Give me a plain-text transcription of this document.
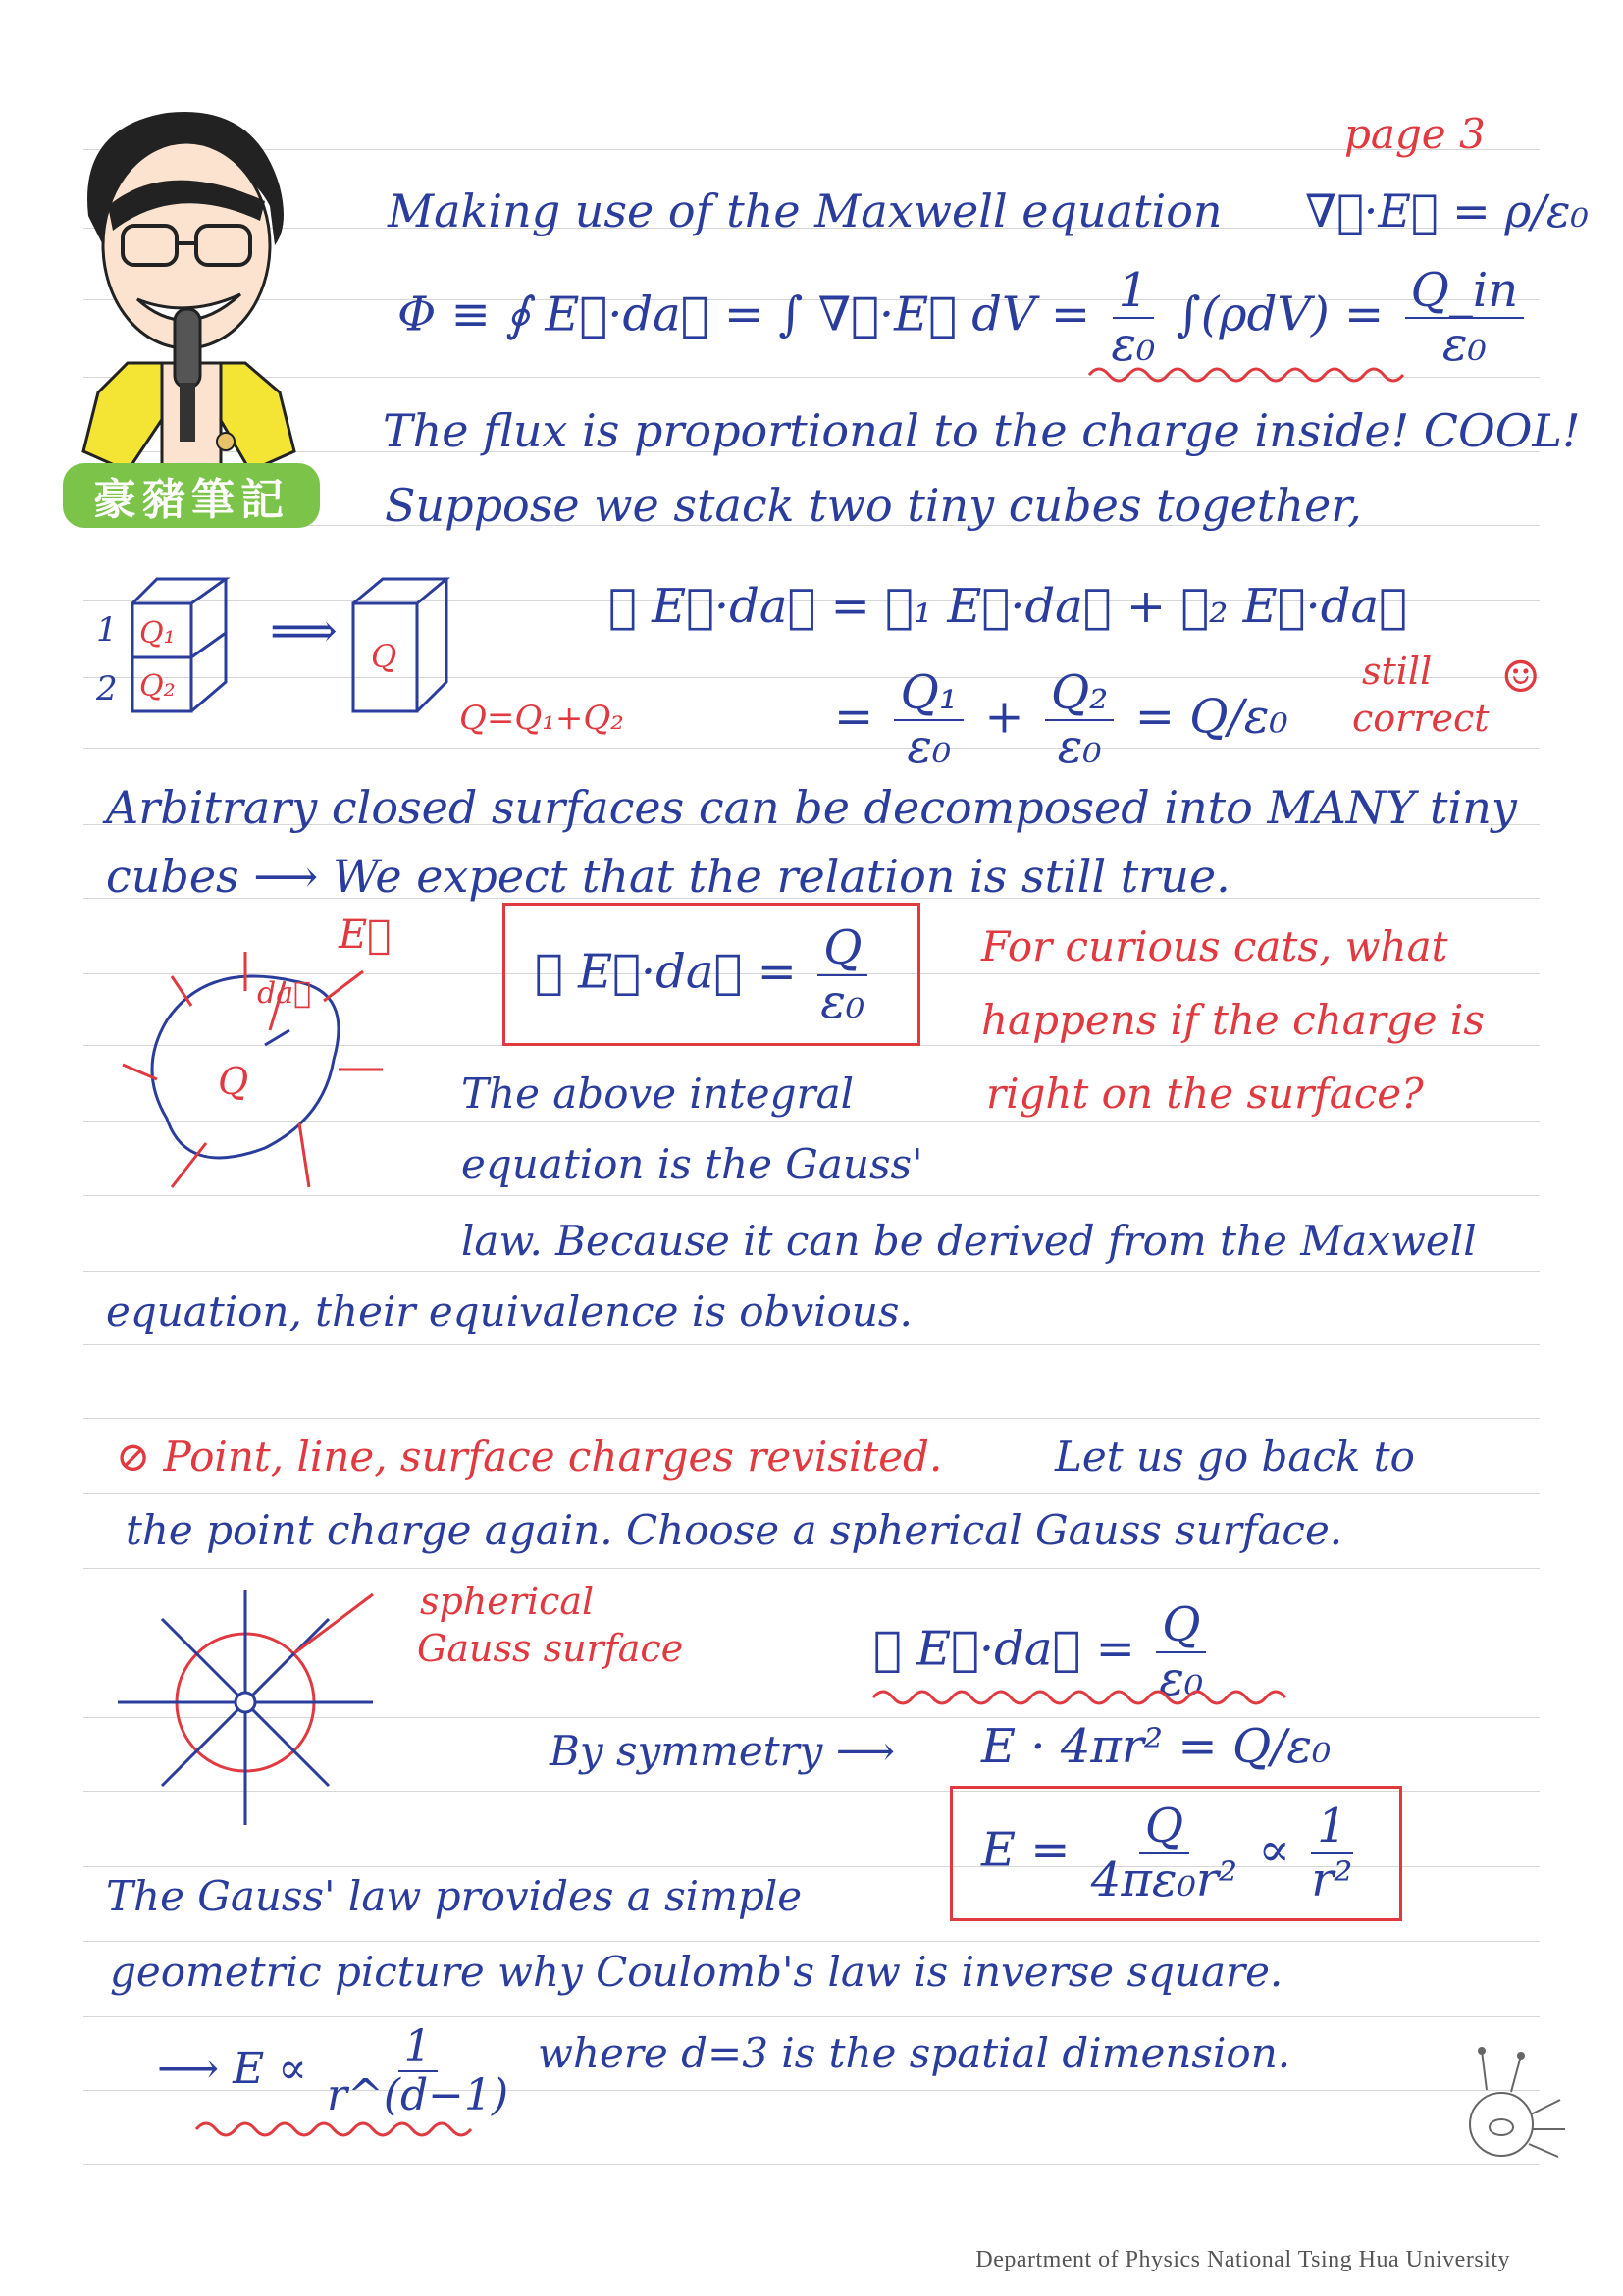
豪豬筆記
page 3
Making use of the Maxwell equation ∇⃗·E⃗ = ρ/ε₀
Φ ≡ ∮ E⃗·da⃗ = ∫ ∇⃗·E⃗ dV = $\frac{1}{\text{ε₀}} \int(\rho dV) = \frac{Q\_in}{\text{ε₀}}$
The flux is proportional to the charge inside! COOL!
Suppose we stack two tiny cubes together,
Q₁
Q₂
Q
1
2
⟹
Q=Q₁+Q₂
∮ E⃗·da⃗ = ∮₁ E⃗·da⃗ + ∮₂ E⃗·da⃗
= $\frac{\text{Q₁}}{\text{ε₀}} + \frac{\text{Q₂}}{\text{ε₀}} = Q/\varepsilon_0$
still
correct
☺
Arbitrary closed surfaces can be decomposed into MANY tiny
cubes ⟶ We expect that the relation is still true.
∮ E⃗·da⃗ = $\frac{Q}{\text{ε₀}}$	For curious cats, what
happens if the charge is
right on the surface?
The above integral
equation is the Gauss'
law. Because it can be derived from the Maxwell
equation, their equivalence is obvious.
E⃗
da⃗
Q
⊘ Point, line, surface charges revisited.	Let us go back to
the point charge again. Choose a spherical Gauss surface.
spherical
Gauss surface	∮ E⃗·da⃗ = $\frac{Q}{\text{ε₀}}$
By symmetry ⟶ E · 4πr² = Q/ε₀
$E = \frac{Q}{\text{4πε₀r²}} \propto \frac{1}{\text{r²}}$
The Gauss' law provides a simple
geometric picture why Coulomb's law is inverse square.
⟶ $E \propto \frac{1}{r\^{}(d-1)}$ where d=3 is the spatial dimension.
Department of Physics National Tsing Hua University
